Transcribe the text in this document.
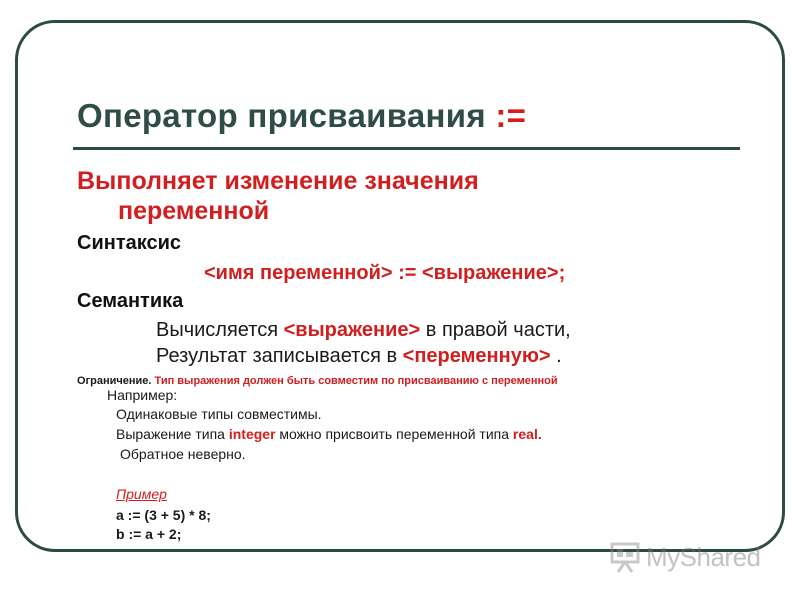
Оператор присваивания :=
Выполняет изменение значения
переменной
Синтаксис
<имя переменной> := <выражение>;
Семантика
Вычисляется <выражение> в правой части,
Результат записывается в <переменную> .
Ограничение. Тип выражения должен быть совместим по присваиванию с переменной
Например:
Одинаковые типы совместимы.
Выражение типа integer можно присвоить переменной типа real.
Обратное неверно.
Пример
a := (3 + 5) * 8;
b := a + 2;
MyShared
